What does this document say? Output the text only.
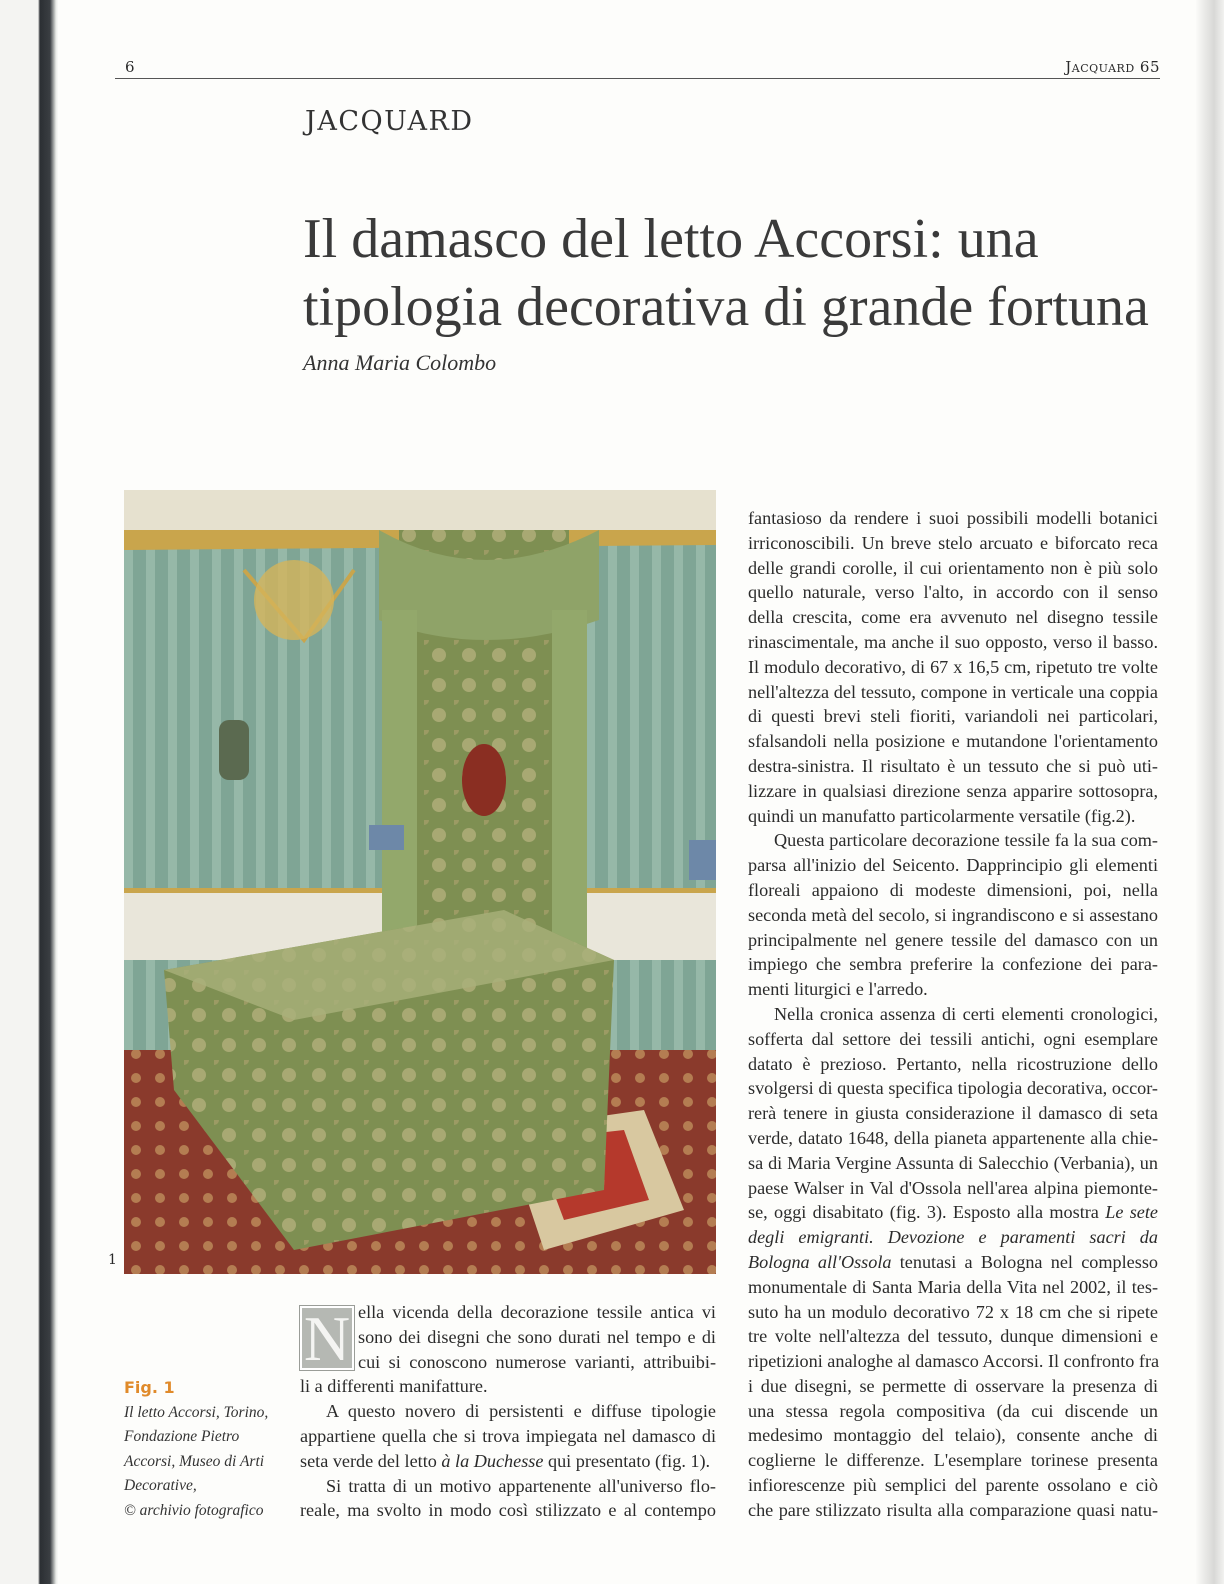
6	Jacquard 65
JACQUARD
Il damasco del letto Accorsi: una
tipologia decorativa di grande fortuna
Anna Maria Colombo
1
Fig. 1
Il letto Accorsi, Torino,
Fondazione Pietro
Accorsi, Museo di Arti
Decorative,
© archivio fotografico
N ella vicenda della decorazione tessile antica vi
sono dei disegni che sono durati nel tempo e di
cui si conoscono numerose varianti, attribuibi-
li a differenti manifatture.
A questo novero di persistenti e diffuse tipologie
appartiene quella che si trova impiegata nel damasco di
seta verde del letto à la Duchesse qui presentato (fig. 1).
Si tratta di un motivo appartenente all'universo flo-
reale, ma svolto in modo così stilizzato e al contempo
fantasioso da rendere i suoi possibili modelli botanici
irriconoscibili. Un breve stelo arcuato e biforcato reca
delle grandi corolle, il cui orientamento non è più solo
quello naturale, verso l'alto, in accordo con il senso
della crescita, come era avvenuto nel disegno tessile
rinascimentale, ma anche il suo opposto, verso il basso.
Il modulo decorativo, di 67 x 16,5 cm, ripetuto tre volte
nell'altezza del tessuto, compone in verticale una coppia
di questi brevi steli fioriti, variandoli nei particolari,
sfalsandoli nella posizione e mutandone l'orientamento
destra-sinistra. Il risultato è un tessuto che si può uti-
lizzare in qualsiasi direzione senza apparire sottosopra,
quindi un manufatto particolarmente versatile (fig.2).
Questa particolare decorazione tessile fa la sua com-
parsa all'inizio del Seicento. Dapprincipio gli elementi
floreali appaiono di modeste dimensioni, poi, nella
seconda metà del secolo, si ingrandiscono e si assestano
principalmente nel genere tessile del damasco con un
impiego che sembra preferire la confezione dei para-
menti liturgici e l'arredo.
Nella cronica assenza di certi elementi cronologici,
sofferta dal settore dei tessili antichi, ogni esemplare
datato è prezioso. Pertanto, nella ricostruzione dello
svolgersi di questa specifica tipologia decorativa, occor-
rerà tenere in giusta considerazione il damasco di seta
verde, datato 1648, della pianeta appartenente alla chie-
sa di Maria Vergine Assunta di Salecchio (Verbania), un
paese Walser in Val d'Ossola nell'area alpina piemonte-
se, oggi disabitato (fig. 3). Esposto alla mostra Le sete
degli emigranti. Devozione e paramenti sacri da
Bologna all'Ossola tenutasi a Bologna nel complesso
monumentale di Santa Maria della Vita nel 2002, il tes-
suto ha un modulo decorativo 72 x 18 cm che si ripete
tre volte nell'altezza del tessuto, dunque dimensioni e
ripetizioni analoghe al damasco Accorsi. Il confronto fra
i due disegni, se permette di osservare la presenza di
una stessa regola compositiva (da cui discende un
medesimo montaggio del telaio), consente anche di
coglierne le differenze. L'esemplare torinese presenta
infiorescenze più semplici del parente ossolano e ciò
che pare stilizzato risulta alla comparazione quasi natu-
